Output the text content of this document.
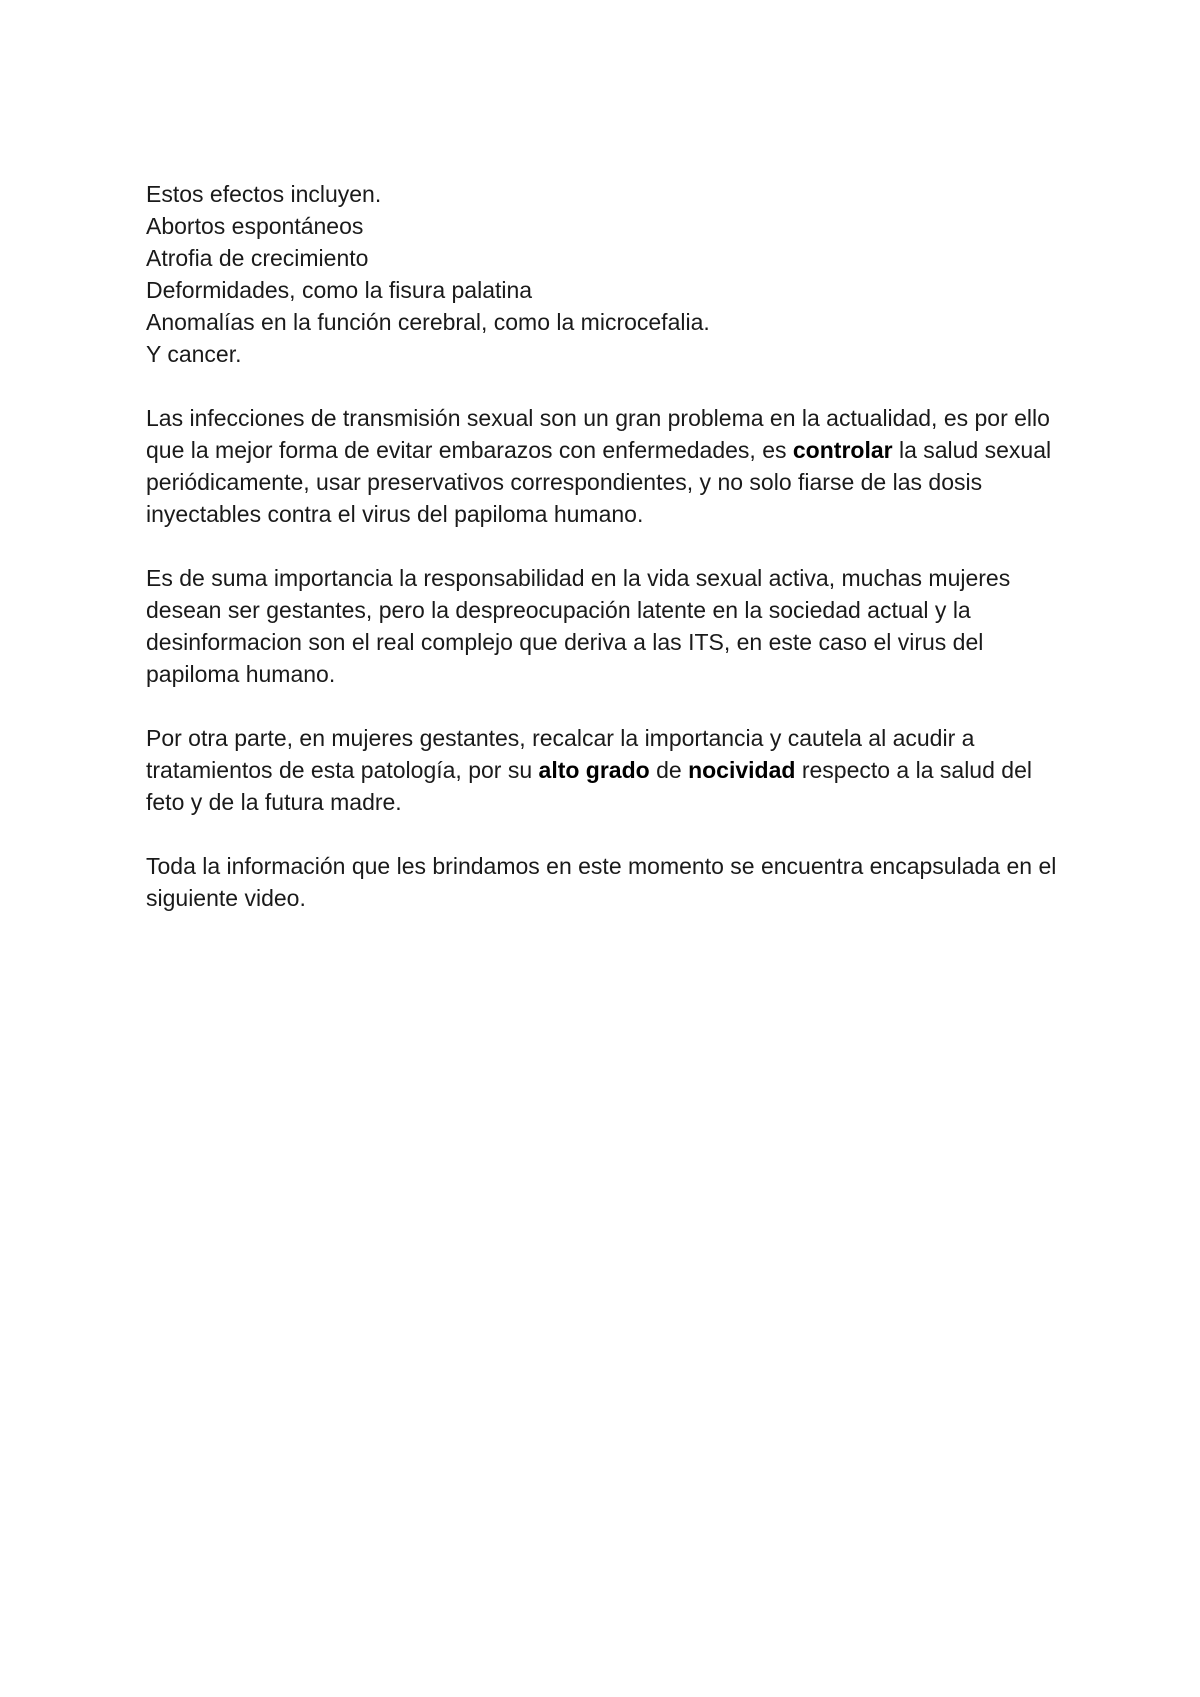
Estos efectos incluyen.
Abortos espontáneos
Atrofia de crecimiento
Deformidades, como la fisura palatina
Anomalías en la función cerebral, como la microcefalia.
Y cancer.

Las infecciones de transmisión sexual son un gran problema en la actualidad, es por ello que la mejor forma de evitar embarazos con enfermedades, es controlar la salud sexual periódicamente, usar preservativos correspondientes, y no solo fiarse de las dosis inyectables contra el virus del papiloma humano.

Es de suma importancia la responsabilidad en la vida sexual activa, muchas mujeres desean ser gestantes, pero la despreocupación latente en la sociedad actual y la desinformacion son el real complejo que deriva a las ITS, en este caso el virus del papiloma humano.

Por otra parte, en mujeres gestantes, recalcar la importancia y cautela al acudir a tratamientos de esta patología, por su alto grado de nocividad respecto a la salud del feto y de la futura madre.

Toda la información que les brindamos en este momento se encuentra encapsulada en el siguiente video.
